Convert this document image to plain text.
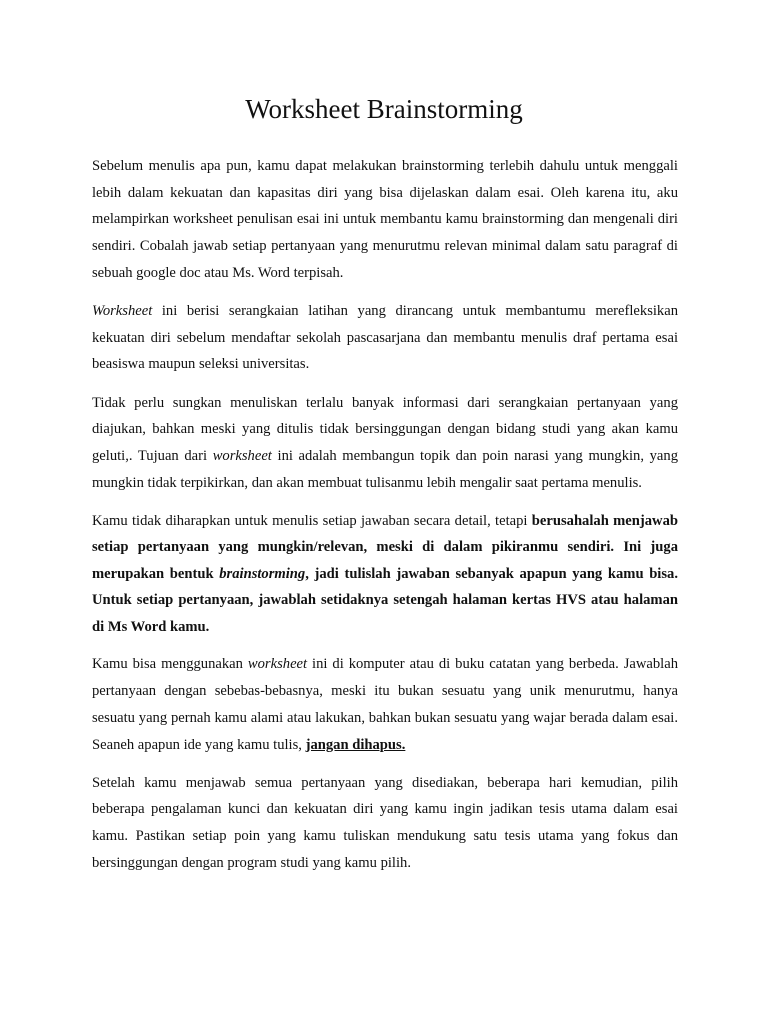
Worksheet Brainstorming

Sebelum menulis apa pun, kamu dapat melakukan brainstorming terlebih dahulu untuk menggali lebih dalam kekuatan dan kapasitas diri yang bisa dijelaskan dalam esai. Oleh karena itu, aku melampirkan worksheet penulisan esai ini untuk membantu kamu brainstorming dan mengenali diri sendiri. Cobalah jawab setiap pertanyaan yang menurutmu relevan minimal dalam satu paragraf di sebuah google doc atau Ms. Word terpisah.

Worksheet ini berisi serangkaian latihan yang dirancang untuk membantumu merefleksikan kekuatan diri sebelum mendaftar sekolah pascasarjana dan membantu menulis draf pertama esai beasiswa maupun seleksi universitas.

Tidak perlu sungkan menuliskan terlalu banyak informasi dari serangkaian pertanyaan yang diajukan, bahkan meski yang ditulis tidak bersinggungan dengan bidang studi yang akan kamu geluti,. Tujuan dari worksheet ini adalah membangun topik dan poin narasi yang mungkin, yang mungkin tidak terpikirkan, dan akan membuat tulisanmu lebih mengalir saat pertama menulis.

Kamu tidak diharapkan untuk menulis setiap jawaban secara detail, tetapi berusahalah menjawab setiap pertanyaan yang mungkin/relevan, meski di dalam pikiranmu sendiri. Ini juga merupakan bentuk brainstorming, jadi tulislah jawaban sebanyak apapun yang kamu bisa. Untuk setiap pertanyaan, jawablah setidaknya setengah halaman kertas HVS atau halaman di Ms Word kamu.

Kamu bisa menggunakan worksheet ini di komputer atau di buku catatan yang berbeda. Jawablah pertanyaan dengan sebebas-bebasnya, meski itu bukan sesuatu yang unik menurutmu, hanya sesuatu yang pernah kamu alami atau lakukan, bahkan bukan sesuatu yang wajar berada dalam esai. Seaneh apapun ide yang kamu tulis, jangan dihapus.

Setelah kamu menjawab semua pertanyaan yang disediakan, beberapa hari kemudian, pilih beberapa pengalaman kunci dan kekuatan diri yang kamu ingin jadikan tesis utama dalam esai kamu. Pastikan setiap poin yang kamu tuliskan mendukung satu tesis utama yang fokus dan bersinggungan dengan program studi yang kamu pilih.
